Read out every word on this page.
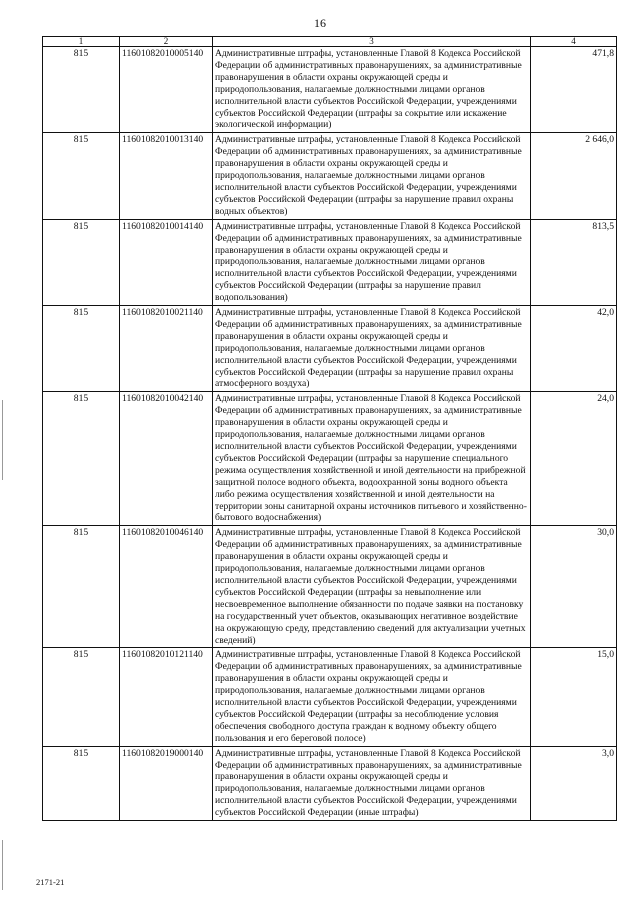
16
1	2	3	4
815	11601082010005140	Административные штрафы, установленные Главой 8 Кодекса Российской Федерации об административных правонарушениях, за административные правонарушения в области охраны окружающей среды и природопользования, налагаемые должностными лицами органов исполнительной власти субъектов Российской Федерации, учреждениями субъектов Российской Федерации (штрафы за сокрытие или искажение экологической информации)	471,8
815	11601082010013140	Административные штрафы, установленные Главой 8 Кодекса Российской Федерации об административных правонарушениях, за административные правонарушения в области охраны окружающей среды и природопользования, налагаемые должностными лицами органов исполнительной власти субъектов Российской Федерации, учреждениями субъектов Российской Федерации (штрафы за нарушение правил охраны водных объектов)	2 646,0
815	11601082010014140	Административные штрафы, установленные Главой 8 Кодекса Российской Федерации об административных правонарушениях, за административные правонарушения в области охраны окружающей среды и природопользования, налагаемые должностными лицами органов исполнительной власти субъектов Российской Федерации, учреждениями субъектов Российской Федерации (штрафы за нарушение правил водопользования)	813,5
815	11601082010021140	Административные штрафы, установленные Главой 8 Кодекса Российской Федерации об административных правонарушениях, за административные правонарушения в области охраны окружающей среды и природопользования, налагаемые должностными лицами органов исполнительной власти субъектов Российской Федерации, учреждениями субъектов Российской Федерации (штрафы за нарушение правил охраны атмосферного воздуха)	42,0
815	11601082010042140	Административные штрафы, установленные Главой 8 Кодекса Российской Федерации об административных правонарушениях, за административные правонарушения в области охраны окружающей среды и природопользования, налагаемые должностными лицами органов исполнительной власти субъектов Российской Федерации, учреждениями субъектов Российской Федерации (штрафы за нарушение специального режима осуществления хозяйственной и иной деятельности на прибрежной защитной полосе водного объекта, водоохранной зоны водного объекта либо режима осуществления хозяйственной и иной деятельности на территории зоны санитарной охраны источников питьевого и хозяйственно-бытового водоснабжения)	24,0
815	11601082010046140	Административные штрафы, установленные Главой 8 Кодекса Российской Федерации об административных правонарушениях, за административные правонарушения в области охраны окружающей среды и природопользования, налагаемые должностными лицами органов исполнительной власти субъектов Российской Федерации, учреждениями субъектов Российской Федерации (штрафы за невыполнение или несвоевременное выполнение обязанности по подаче заявки на постановку на государственный учет объектов, оказывающих негативное воздействие на окружающую среду, представлению сведений для актуализации учетных сведений)	30,0
815	11601082010121140	Административные штрафы, установленные Главой 8 Кодекса Российской Федерации об административных правонарушениях, за административные правонарушения в области охраны окружающей среды и природопользования, налагаемые должностными лицами органов исполнительной власти субъектов Российской Федерации, учреждениями субъектов Российской Федерации (штрафы за несоблюдение условия обеспечения свободного доступа граждан к водному объекту общего пользования и его береговой полосе)	15,0
815	11601082019000140	Административные штрафы, установленные Главой 8 Кодекса Российской Федерации об административных правонарушениях, за административные правонарушения в области охраны окружающей среды и природопользования, налагаемые должностными лицами органов исполнительной власти субъектов Российской Федерации, учреждениями субъектов Российской Федерации (иные штрафы)	3,0
2171-21
